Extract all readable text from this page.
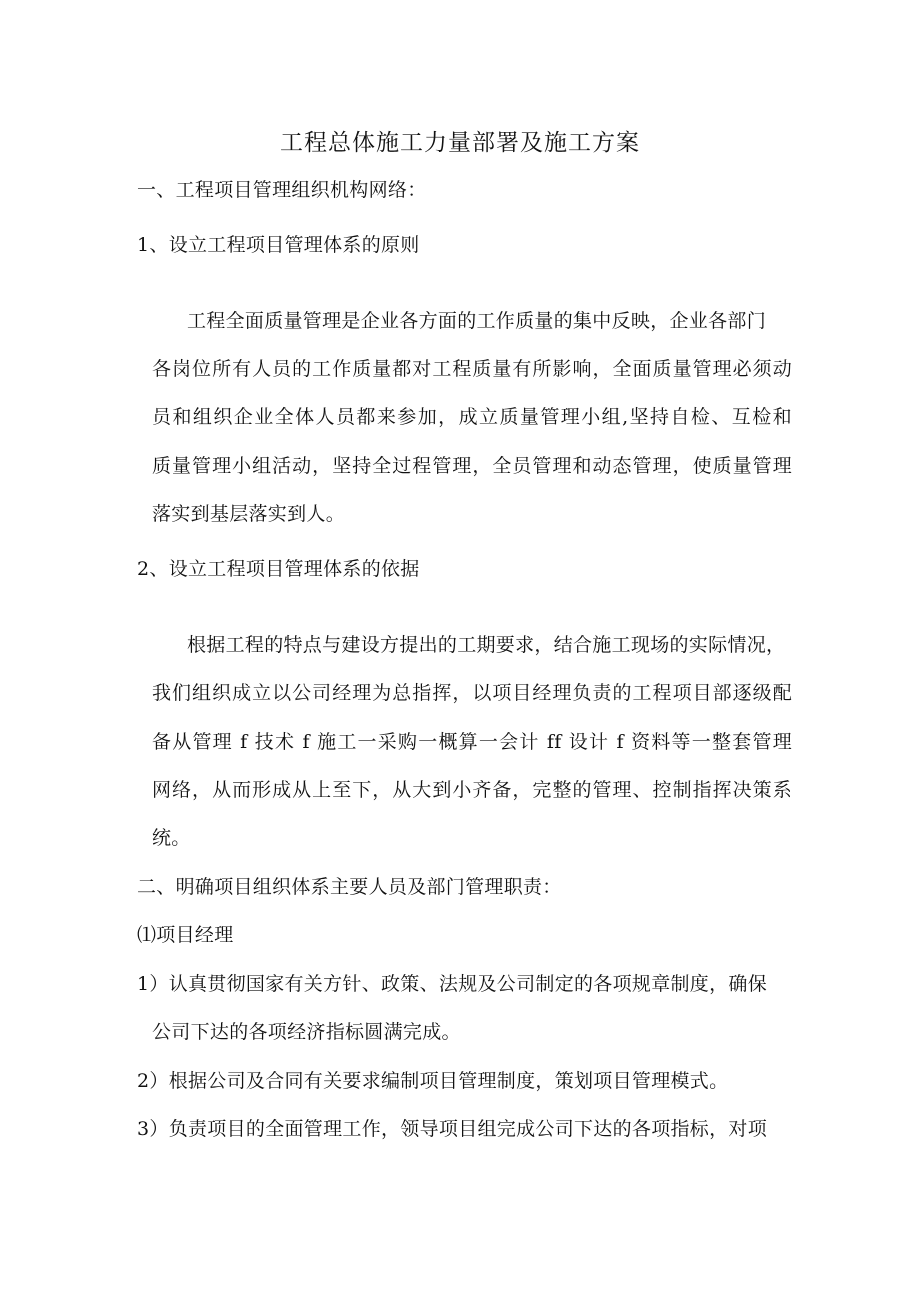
工程总体施工力量部署及施工方案
一、工程项目管理组织机构网络：
1、设立工程项目管理体系的原则
工程全面质量管理是企业各方面的工作质量的集中反映，企业各部门
各岗位所有人员的工作质量都对工程质量有所影响，全面质量管理必须动
员和组织企业全体人员都来参加，成立质量管理小组,坚持自检、互检和
质量管理小组活动，坚持全过程管理，全员管理和动态管理，使质量管理
落实到基层落实到人。
2、设立工程项目管理体系的依据
根据工程的特点与建设方提出的工期要求，结合施工现场的实际情况，
我们组织成立以公司经理为总指挥，以项目经理负责的工程项目部逐级配
备从管理 f 技术 f 施工一采购一概算一会计 ff 设计 f 资料等一整套管理
网络，从而形成从上至下，从大到小齐备，完整的管理、控制指挥决策系
统。
二、明确项目组织体系主要人员及部门管理职责：
⑴项目经理
1）认真贯彻国家有关方针、政策、法规及公司制定的各项规章制度，确保
公司下达的各项经济指标圆满完成。
2）根据公司及合同有关要求编制项目管理制度，策划项目管理模式。
3）负责项目的全面管理工作，领导项目组完成公司下达的各项指标，对项
